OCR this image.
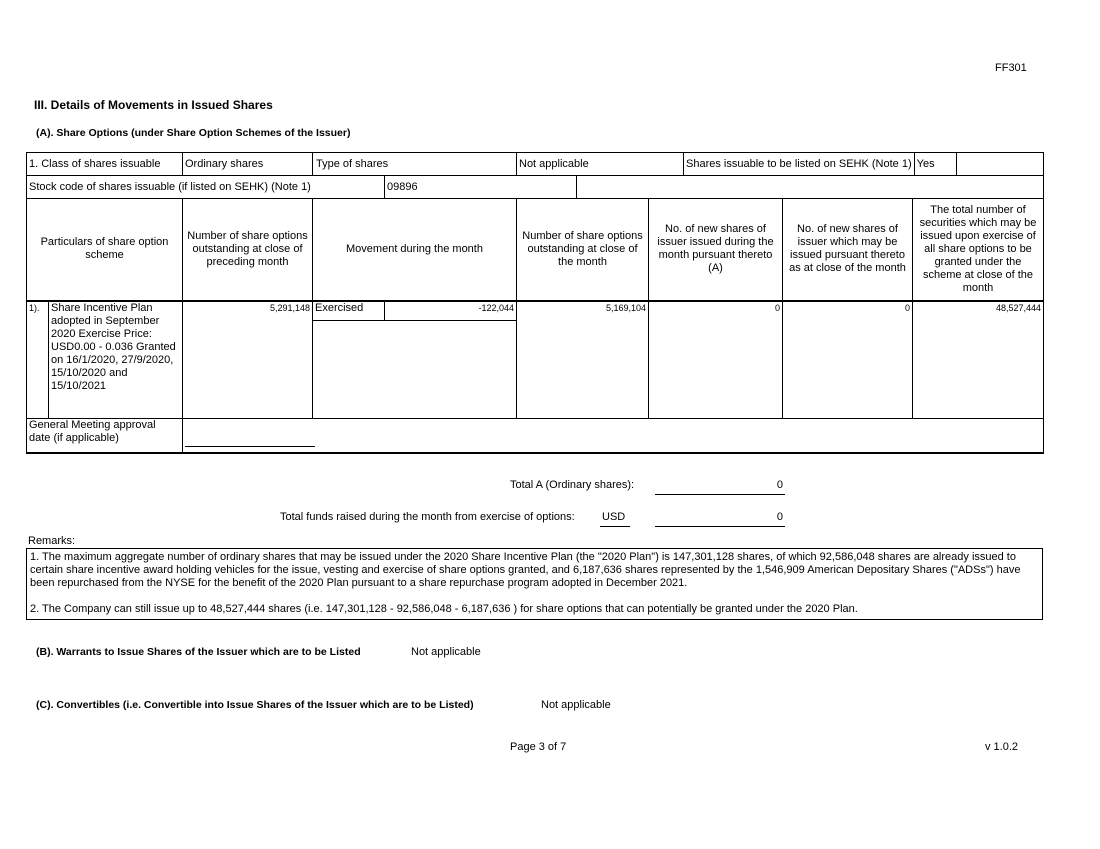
FF301
III. Details of Movements in Issued Shares
(A). Share Options (under Share Option Schemes of the Issuer)
1. Class of shares issuable	Ordinary shares	Type of shares		Not applicable		Shares issuable to be listed on SEHK (Note 1)	Yes	
Stock code of shares issuable (if listed on SEHK) (Note 1)			09896					
Particulars of share option scheme		Number of share options outstanding at close of preceding month	Movement during the month		Number of share options outstanding at close of the month	No. of new shares of issuer issued during the month pursuant thereto (A)	No. of new shares of issuer which may be issued pursuant thereto as at close of the month	The total number of securities which may be issued upon exercise of all share options to be granted under the scheme at close of the month
1).	Share Incentive Plan adopted in September 2020 Exercise Price: USD0.00 - 0.036 Granted on 16/1/2020, 27/9/2020, 15/10/2020 and 15/10/2021	5,291,148	Exercised	-122,044	5,169,104	0	0	48,527,444

General Meeting approval date (if applicable)								
Total A (Ordinary shares):	0
Total funds raised during the month from exercise of options: USD	0
Remarks:

1. The maximum aggregate number of ordinary shares that may be issued under the 2020 Share Incentive Plan (the "2020 Plan") is 147,301,128 shares, of which 92,586,048 shares are already issued to certain share incentive award holding vehicles for the issue, vesting and exercise of share options granted, and 6,187,636 shares represented by the 1,546,909 American Depositary Shares ("ADSs") have been repurchased from the NYSE for the benefit of the 2020 Plan pursuant to a share repurchase program adopted in December 2021.

2. The Company can still issue up to 48,527,444 shares (i.e. 147,301,128 - 92,586,048 - 6,187,636 ) for share options that can potentially be granted under the 2020 Plan.

(B). Warrants to Issue Shares of the Issuer which are to be Listed	Not applicable
(C). Convertibles (i.e. Convertible into Issue Shares of the Issuer which are to be Listed)	Not applicable
Page 3 of 7	v 1.0.2
